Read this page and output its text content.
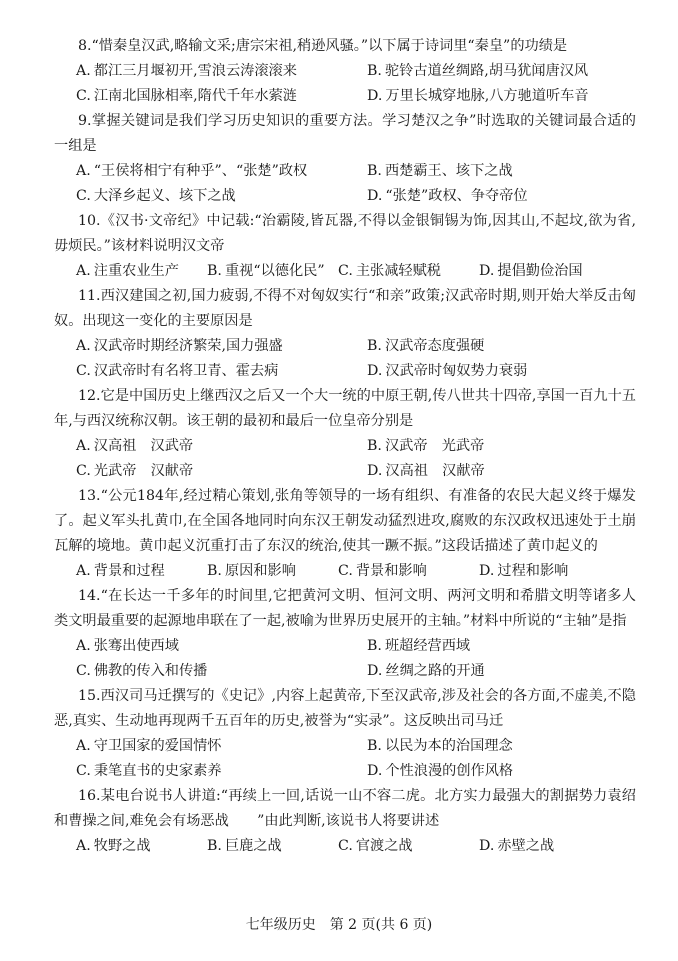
8.“惜秦皇汉武,略输文采;唐宗宋祖,稍逊风骚。”以下属于诗词里“秦皇”的功绩是

A. 都江三月堰初开,雪浪云涛滚滚来	B. 驼铃古道丝绸路,胡马犹闻唐汉风
C. 江南北国脉相率,隋代千年水萦涟	D. 万里长城穿地脉,八方驰道听车音

9.掌握关键词是我们学习历史知识的重要方法。学习楚汉之争”时选取的关键词最合适的一组是

A. “王侯将相宁有种乎”、“张楚”政权	B. 西楚霸王、垓下之战
C. 大泽乡起义、垓下之战	D. “张楚”政权、争夺帝位

10.《汉书·文帝纪》中记载:“治霸陵,皆瓦器,不得以金银铜锡为饰,因其山,不起坟,欲为省,毋烦民。”该材料说明汉文帝

A. 注重农业生产	B. 重视“以德化民” C. 主张减轻赋税	D. 提倡勤俭治国

11.西汉建国之初,国力疲弱,不得不对匈奴实行“和亲”政策;汉武帝时期,则开始大举反击匈奴。出现这一变化的主要原因是

A. 汉武帝时期经济繁荣,国力强盛	B. 汉武帝态度强硬
C. 汉武帝时有名将卫青、霍去病	D. 汉武帝时匈奴势力衰弱

12.它是中国历史上继西汉之后又一个大一统的中原王朝,传八世共十四帝,享国一百九十五年,与西汉统称汉朝。该王朝的最初和最后一位皇帝分别是

A. 汉高祖　汉武帝	B. 汉武帝　光武帝
C. 光武帝　汉献帝	D. 汉高祖　汉献帝

13.“公元184年,经过精心策划,张角等领导的一场有组织、有准备的农民大起义终于爆发了。起义军头扎黄巾,在全国各地同时向东汉王朝发动猛烈进攻,腐败的东汉政权迅速处于土崩瓦解的境地。黄巾起义沉重打击了东汉的统治,使其一蹶不振。”这段话描述了黄巾起义的

A. 背景和过程	B. 原因和影响	C. 背景和影响	D. 过程和影响

14.“在长达一千多年的时间里,它把黄河文明、恒河文明、两河文明和希腊文明等诸多人类文明最重要的起源地串联在了一起,被喻为世界历史展开的主轴。”材料中所说的“主轴”是指

A. 张骞出使西域	B. 班超经营西域
C. 佛教的传入和传播	D. 丝绸之路的开通

15.西汉司马迁撰写的《史记》,内容上起黄帝,下至汉武帝,涉及社会的各方面,不虚美,不隐恶,真实、生动地再现两千五百年的历史,被誉为“实录”。这反映出司马迁

A. 守卫国家的爱国情怀	B. 以民为本的治国理念
C. 秉笔直书的史家素养	D. 个性浪漫的创作风格

16.某电台说书人讲道:“再续上一回,话说一山不容二虎。北方实力最强大的割据势力袁绍和曹操之间,难免会有场恶战　　”由此判断,该说书人将要讲述

A. 牧野之战	B. 巨鹿之战	C. 官渡之战	D. 赤壁之战
七年级历史　第 2 页(共 6 页)
